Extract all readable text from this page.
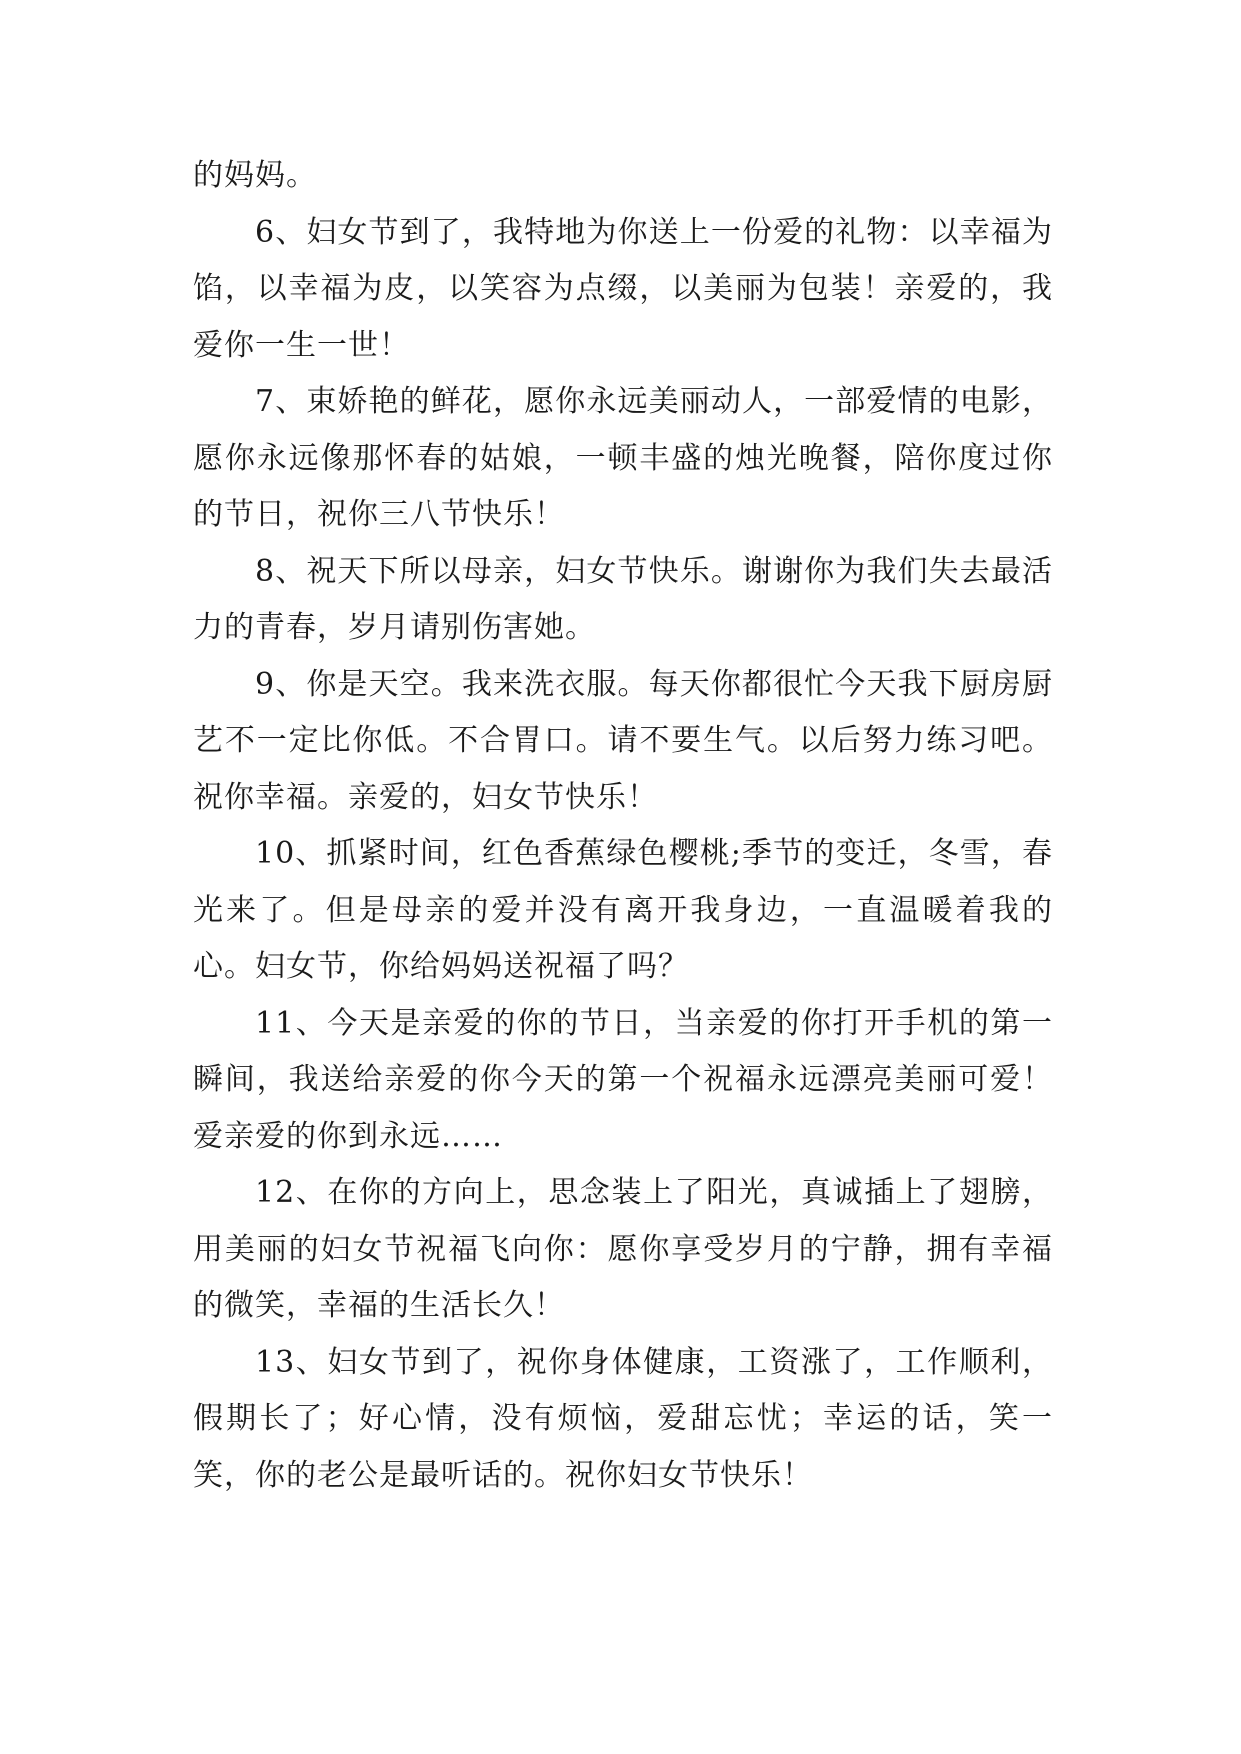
的妈妈。

6、妇女节到了，我特地为你送上一份爱的礼物：以幸福为馅，以幸福为皮，以笑容为点缀，以美丽为包装！亲爱的，我爱你一生一世！

7、束娇艳的鲜花，愿你永远美丽动人，一部爱情的电影，愿你永远像那怀春的姑娘，一顿丰盛的烛光晚餐，陪你度过你的节日，祝你三八节快乐！

8、祝天下所以母亲，妇女节快乐。谢谢你为我们失去最活力的青春，岁月请别伤害她。

9、你是天空。我来洗衣服。每天你都很忙今天我下厨房厨艺不一定比你低。不合胃口。请不要生气。以后努力练习吧。祝你幸福。亲爱的，妇女节快乐！

10、抓紧时间，红色香蕉绿色樱桃;季节的变迁，冬雪，春光来了。但是母亲的爱并没有离开我身边，一直温暖着我的心。妇女节，你给妈妈送祝福了吗？

11、今天是亲爱的你的节日，当亲爱的你打开手机的第一瞬间，我送给亲爱的你今天的第一个祝福永远漂亮美丽可爱！爱亲爱的你到永远……

12、在你的方向上，思念装上了阳光，真诚插上了翅膀，用美丽的妇女节祝福飞向你：愿你享受岁月的宁静，拥有幸福的微笑，幸福的生活长久！

13、妇女节到了，祝你身体健康，工资涨了，工作顺利，假期长了；好心情，没有烦恼，爱甜忘忧；幸运的话，笑一笑，你的老公是最听话的。祝你妇女节快乐！
